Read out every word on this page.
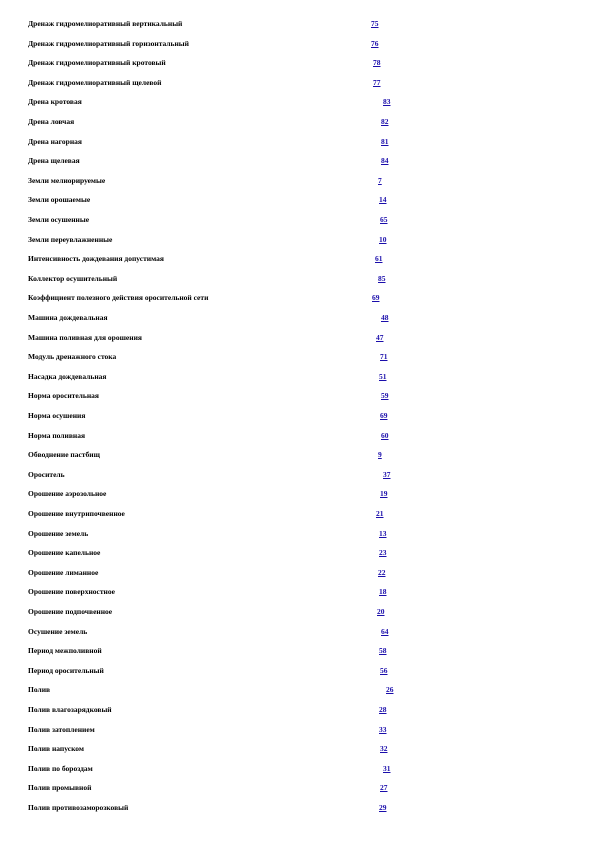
Дренаж гидромелиоративный вертикальный	75
Дренаж гидромелиоративный горизонтальный	76
Дренаж гидромелиоративный кротовый	78
Дренаж гидромелиоративный щелевой	77
Дрена кротовая	83
Дрена ловчая	82
Дрена нагорная	81
Дрена щелевая	84
Земли мелиорируемые	7
Земли орошаемые	14
Земли осушенные	65
Земли переувлажненные	10
Интенсивность дождевания допустимая	61
Коллектор осушительный	85
Коэффициент полезного действия оросительной сети	69
Машина дождевальная	48
Машина поливная для орошения	47
Модуль дренажного стока	71
Насадка дождевальная	51
Норма оросительная	59
Норма осушения	69
Норма поливная	60
Обводнение пастбищ	9
Ороситель	37
Орошение аэрозольное	19
Орошение внутрипочвенное	21
Орошение земель	13
Орошение капельное	23
Орошение лиманное	22
Орошение поверхностное	18
Орошение подпочвенное	20
Осушение земель	64
Период межполивной	58
Период оросительный	56
Полив	26
Полив влагозарядковый	28
Полив затоплением	33
Полив напуском	32
Полив по бороздам	31
Полив промывной	27
Полив противозаморозковый	29
